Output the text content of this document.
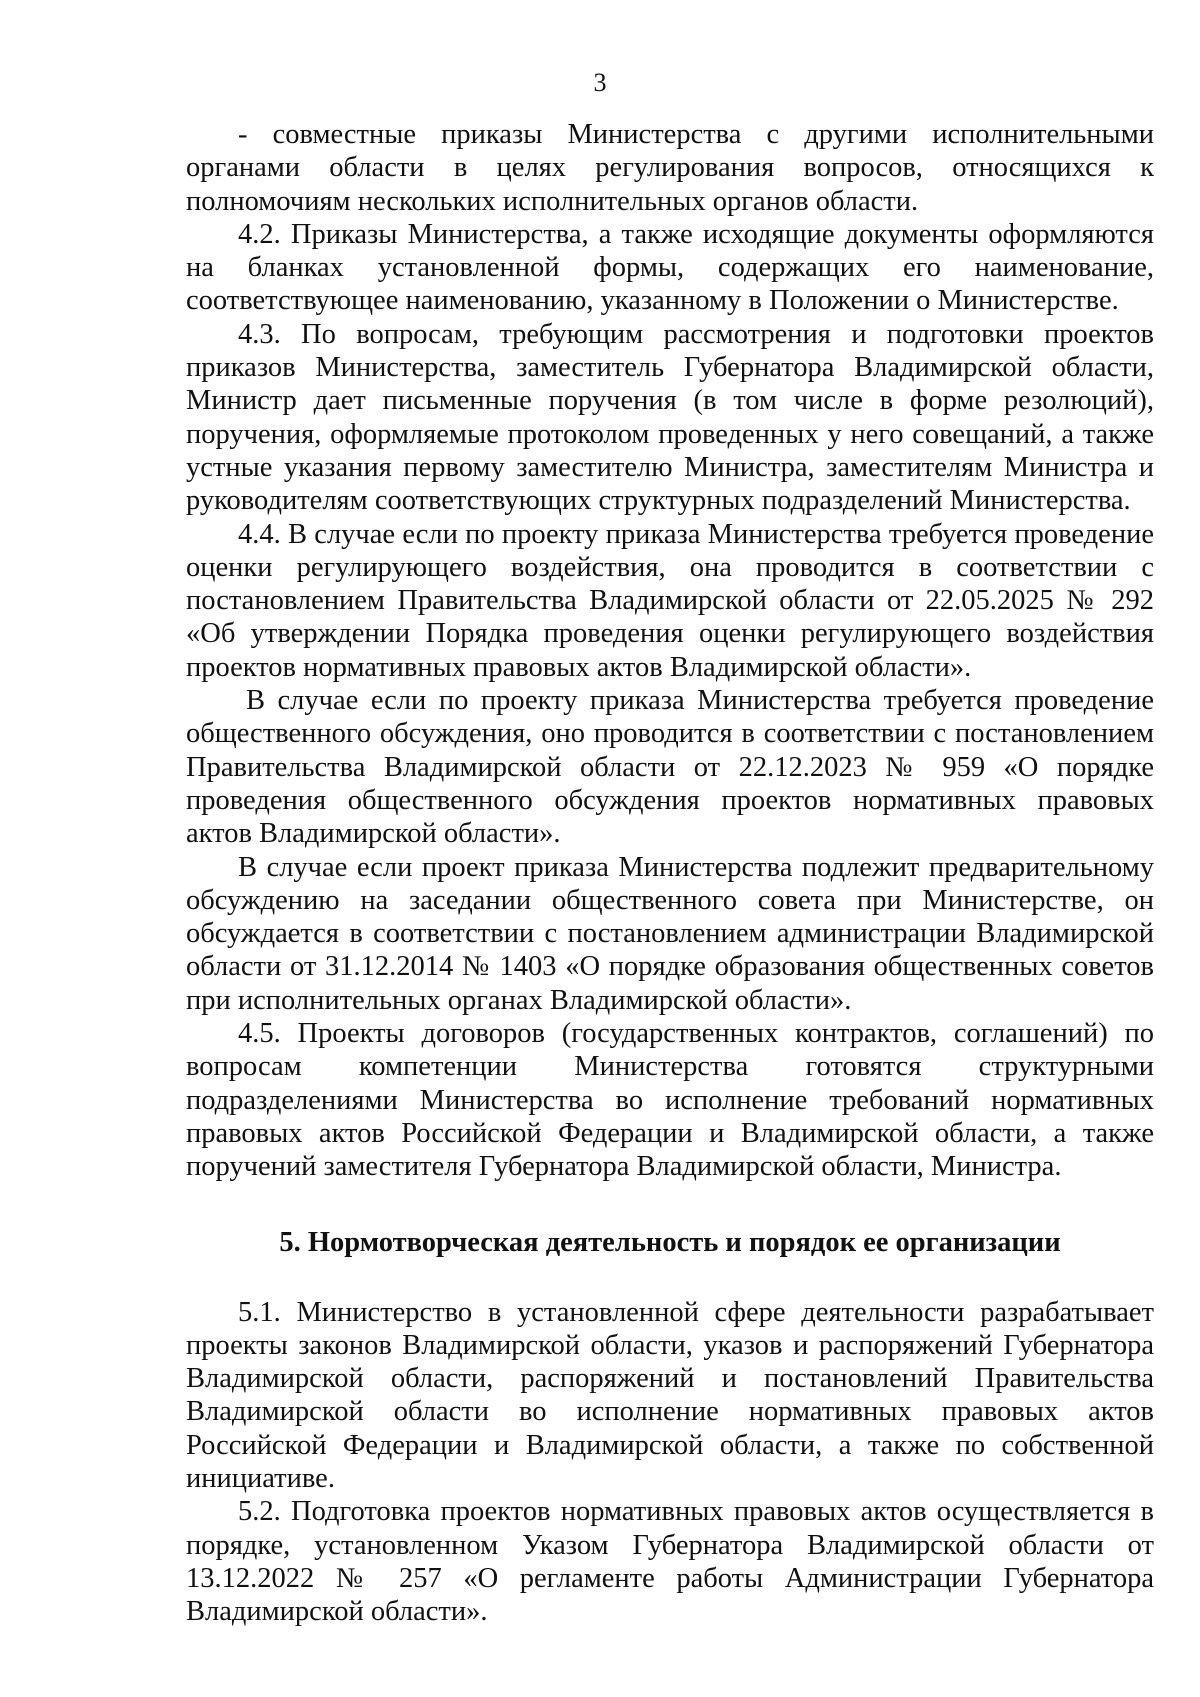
3

- совместные приказы Министерства с другими исполнительными органами области в целях регулирования вопросов, относящихся к полномочиям нескольких исполнительных органов области.

4.2. Приказы Министерства, а также исходящие документы оформляются на бланках установленной формы, содержащих его наименование, соответствующее наименованию, указанному в Положении о Министерстве.

4.3. По вопросам, требующим рассмотрения и подготовки проектов приказов Министерства, заместитель Губернатора Владимирской области, Министр дает письменные поручения (в том числе в форме резолюций), поручения, оформляемые протоколом проведенных у него совещаний, а также устные указания первому заместителю Министра, заместителям Министра и руководителям соответствующих структурных подразделений Министерства.

4.4. В случае если по проекту приказа Министерства требуется проведение оценки регулирующего воздействия, она проводится в соответствии с постановлением Правительства Владимирской области от 22.05.2025 № 292 «Об утверждении Порядка проведения оценки регулирующего воздействия проектов нормативных правовых актов Владимирской области».

В случае если по проекту приказа Министерства требуется проведение общественного обсуждения, оно проводится в соответствии с постановлением Правительства Владимирской области от 22.12.2023 № 959 «О порядке проведения общественного обсуждения проектов нормативных правовых актов Владимирской области».

В случае если проект приказа Министерства подлежит предварительному обсуждению на заседании общественного совета при Министерстве, он обсуждается в соответствии с постановлением администрации Владимирской области от 31.12.2014 № 1403 «О порядке образования общественных советов при исполнительных органах Владимирской области».

4.5. Проекты договоров (государственных контрактов, соглашений) по вопросам компетенции Министерства готовятся структурными подразделениями Министерства во исполнение требований нормативных правовых актов Российской Федерации и Владимирской области, а также поручений заместителя Губернатора Владимирской области, Министра.

5. Нормотворческая деятельность и порядок ее организации

5.1. Министерство в установленной сфере деятельности разрабатывает проекты законов Владимирской области, указов и распоряжений Губернатора Владимирской области, распоряжений и постановлений Правительства Владимирской области во исполнение нормативных правовых актов Российской Федерации и Владимирской области, а также по собственной инициативе.

5.2. Подготовка проектов нормативных правовых актов осуществляется в порядке, установленном Указом Губернатора Владимирской области от 13.12.2022 № 257 «О регламенте работы Администрации Губернатора Владимирской области».
